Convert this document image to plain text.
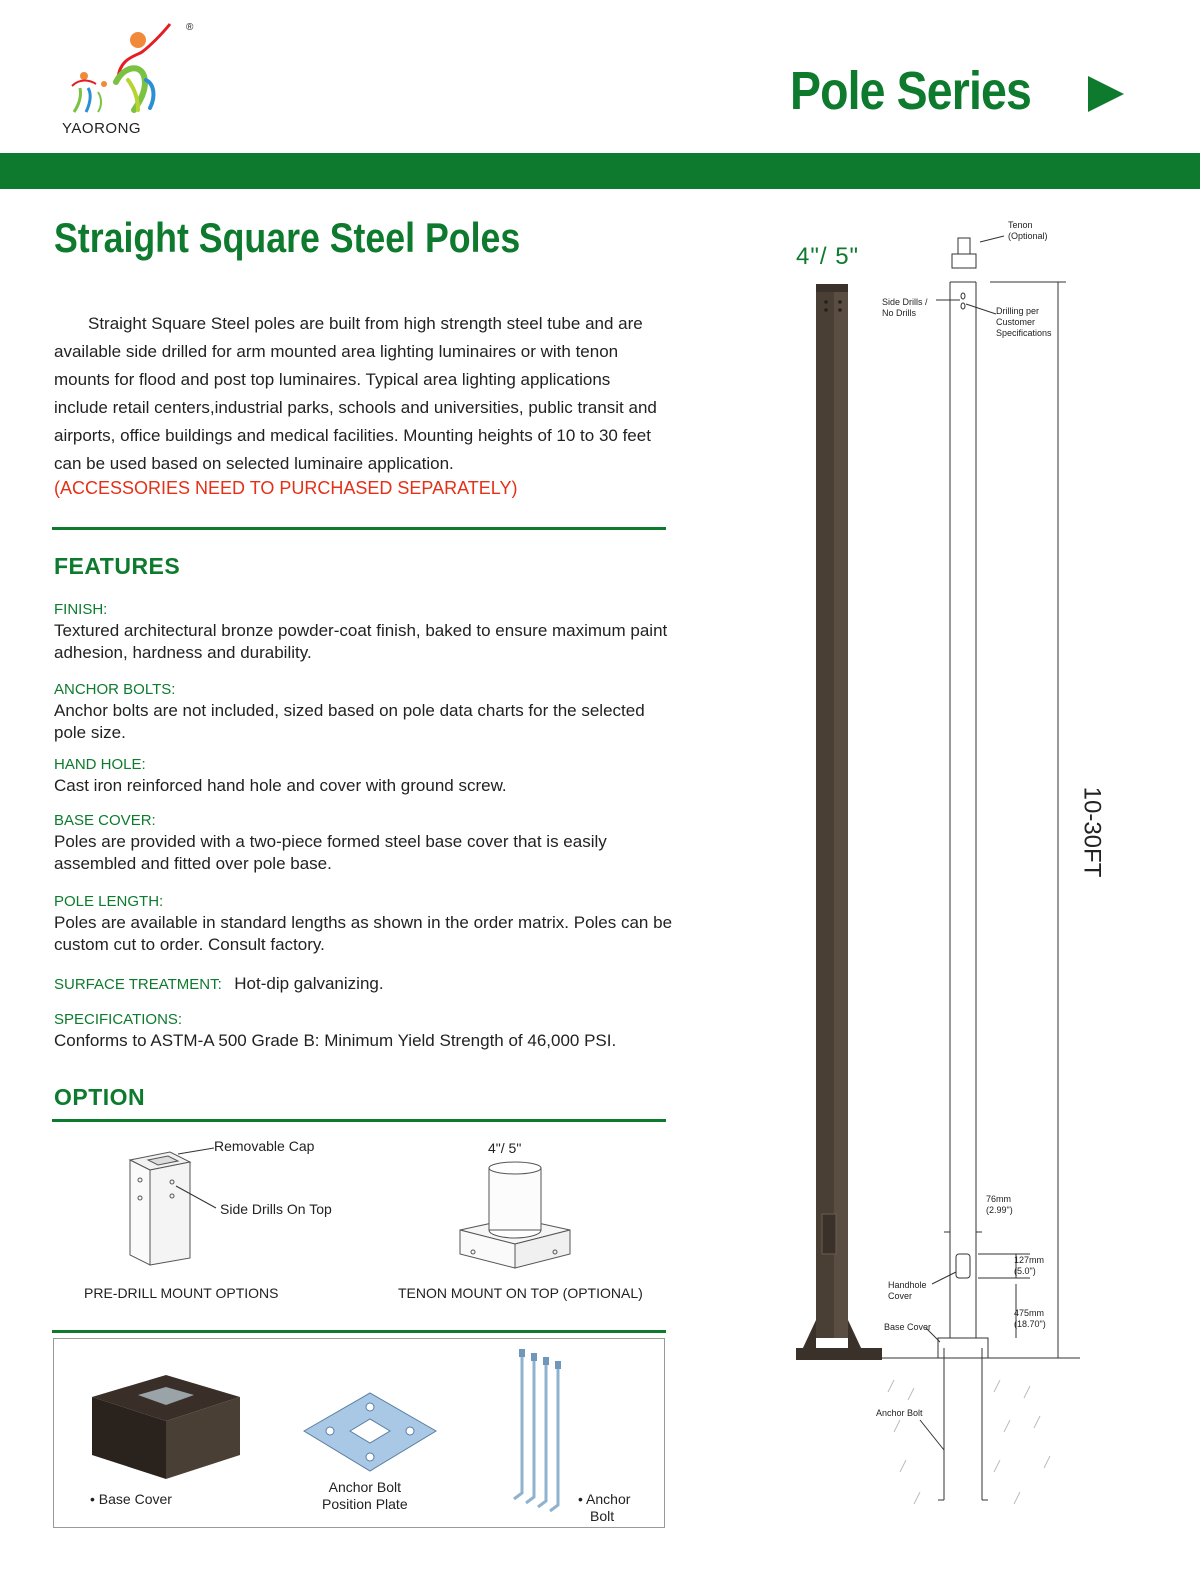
®
YAORONG
Pole Series
Straight Square Steel Poles
Straight Square Steel poles are built from high strength steel tube and are available side drilled for arm mounted area lighting luminaires or with tenon mounts for flood and post top luminaires. Typical area lighting applications include retail centers,industrial parks, schools and universities, public transit and airports, office buildings and medical facilities. Mounting heights of 10 to 30 feet can be used based on selected luminaire application.
(ACCESSORIES NEED TO PURCHASED SEPARATELY)
FEATURES
FINISH:
Textured architectural bronze powder-coat finish, baked to ensure maximum paint adhesion, hardness and durability.
ANCHOR BOLTS:
Anchor bolts are not included, sized based on pole data charts for the selected pole size.
HAND HOLE:
Cast iron reinforced hand hole and cover with ground screw.
BASE COVER:
Poles are provided with a two-piece formed steel base cover that is easily assembled and fitted over pole base.
POLE LENGTH:
Poles are available in standard lengths as shown in the order matrix. Poles can be custom cut to order. Consult factory.
SURFACE TREATMENT: Hot-dip galvanizing.
SPECIFICATIONS:
Conforms to ASTM-A 500 Grade B: Minimum Yield Strength of 46,000 PSI.
OPTION
Removable Cap
Side Drills On Top
PRE-DRILL MOUNT OPTIONS
4"/ 5"
TENON MOUNT ON TOP (OPTIONAL)
• Base Cover
Anchor Bolt
Position Plate
•	Anchor
Bolt
4"/ 5"
Tenon
(Optional)
Side Drills /
No Drills	Drilling per
Customer
Specifications
10-30FT
76mm
(2.99")
127mm
(5.0")
Handhole
Cover
475mm
(18.70")
Base Cover
Anchor Bolt
